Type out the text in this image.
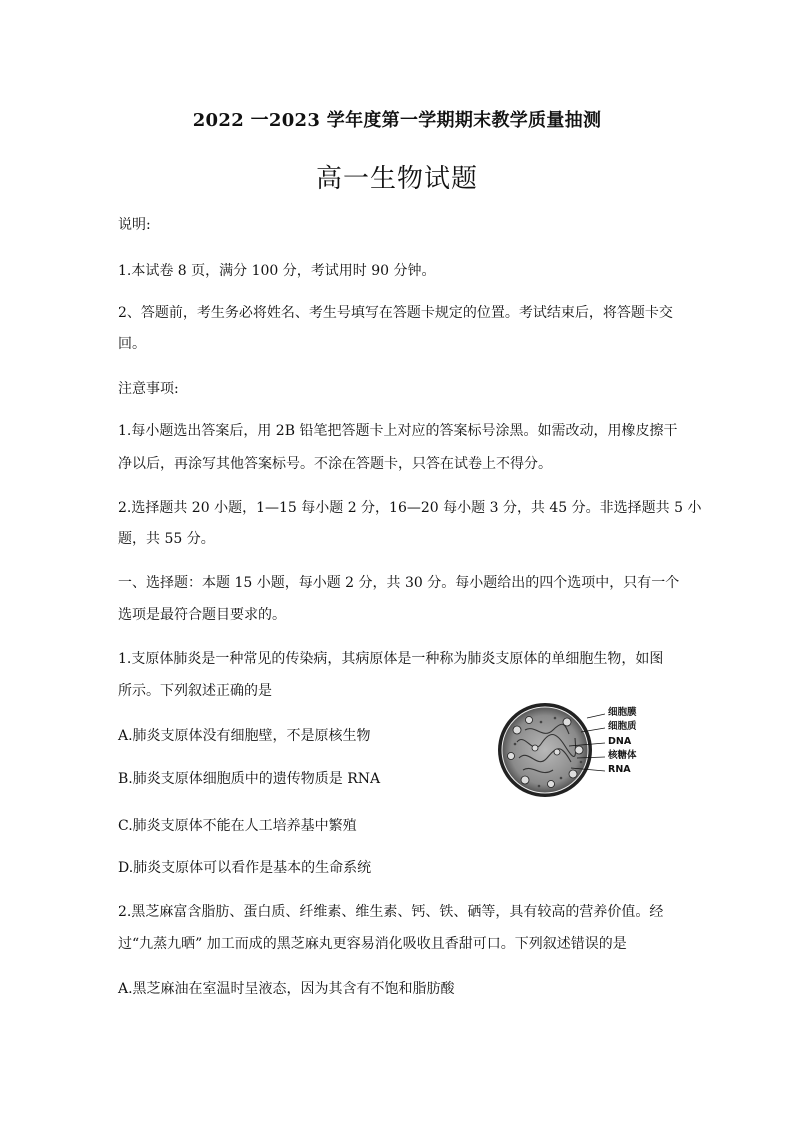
2022 一2023 学年度第一学期期末教学质量抽测
高一生物试题
说明:
1.本试卷 8 页，满分 100 分，考试用时 90 分钟。
2、答题前，考生务必将姓名、考生号填写在答题卡规定的位置。考试结束后，将答题卡交
回。
注意事项:
1.每小题选出答案后，用 2B 铅笔把答题卡上对应的答案标号涂黑。如需改动，用橡皮擦干
净以后，再涂写其他答案标号。不涂在答题卡，只答在试卷上不得分。
2.选择题共 20 小题，1—15 每小题 2 分，16—20 每小题 3 分，共 45 分。非选择题共 5 小
题，共 55 分。
一、选择题：本题 15 小题，每小题 2 分，共 30 分。每小题给出的四个选项中，只有一个
选项是最符合题目要求的。
1.支原体肺炎是一种常见的传染病，其病原体是一种称为肺炎支原体的单细胞生物，如图
所示。下列叙述正确的是
A.肺炎支原体没有细胞壁，不是原核生物
B.肺炎支原体细胞质中的遗传物质是 RNA
C.肺炎支原体不能在人工培养基中繁殖
D.肺炎支原体可以看作是基本的生命系统
细胞膜
细胞质
DNA
核糖体
RNA
2.黑芝麻富含脂肪、蛋白质、纤维素、维生素、钙、铁、硒等，具有较高的营养价值。经
过“九蒸九晒” 加工而成的黑芝麻丸更容易消化吸收且香甜可口。下列叙述错误的是
A.黑芝麻油在室温时呈液态，因为其含有不饱和脂肪酸
